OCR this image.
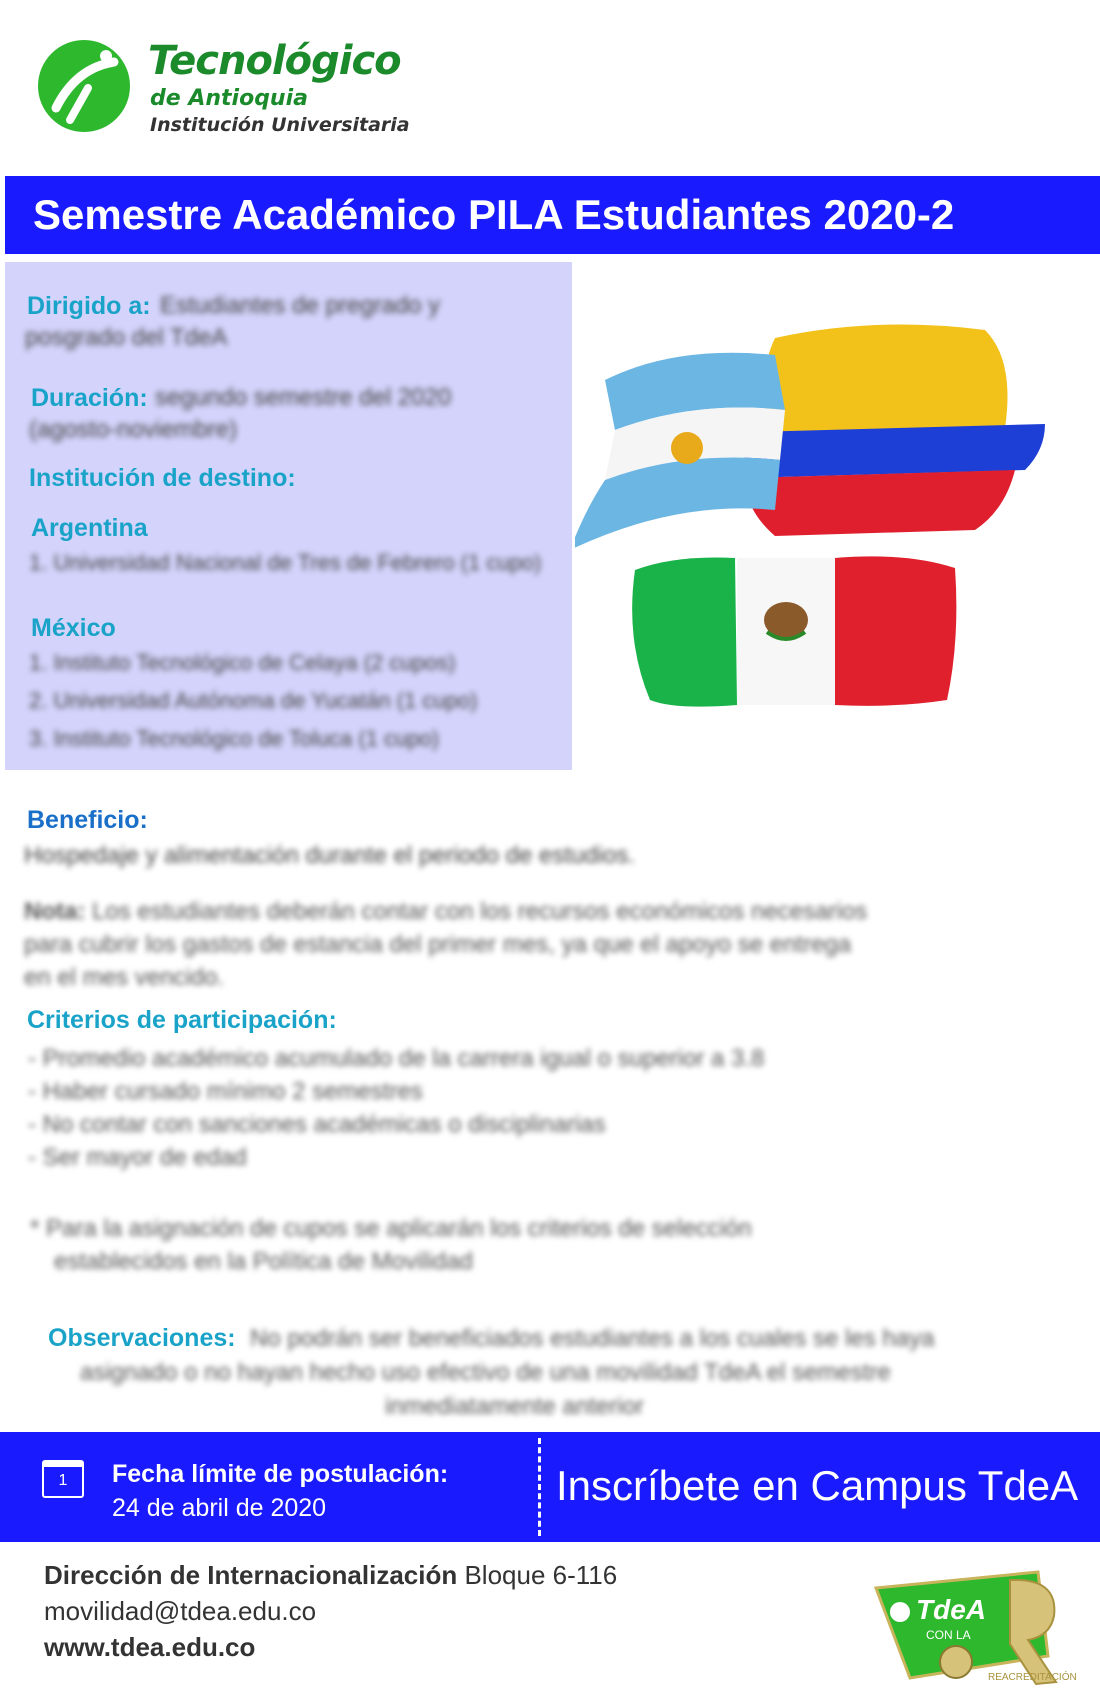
Tecnológico
de Antioquia
Institución Universitaria
Semestre Académico PILA Estudiantes 2020-2
Dirigido a: Estudiantes de pregrado y
posgrado del TdeA
Duración: segundo semestre del 2020
(agosto-noviembre)
Institución de destino:
Argentina
1. Universidad Nacional de Tres de Febrero (1 cupo)
México
1. Instituto Tecnológico de Celaya (2 cupos)
2. Universidad Autónoma de Yucatán (1 cupo)
3. Instituto Tecnológico de Toluca (1 cupo)
Beneficio:
Hospedaje y alimentación durante el periodo de estudios.
Nota: Los estudiantes deberán contar con los recursos económicos necesarios
para cubrir los gastos de estancia del primer mes, ya que el apoyo se entrega
en el mes vencido.
Criterios de participación:
- Promedio académico acumulado de la carrera igual o superior a 3.8
- Haber cursado mínimo 2 semestres
- No contar con sanciones académicas o disciplinarias
- Ser mayor de edad
* Para la asignación de cupos se aplicarán los criterios de selección
establecidos en la Política de Movilidad
Observaciones: No podrán ser beneficiados estudiantes a los cuales se les haya
asignado o no hayan hecho uso efectivo de una movilidad TdeA el semestre
inmediatamente anterior
1	Fecha límite de postulación:
24 de abril de 2020	Inscríbete en Campus TdeA
Dirección de Internacionalización Bloque 6-116
movilidad@tdea.edu.co
www.tdea.edu.co
TdeA
CON LA
REACREDITACIÓN
